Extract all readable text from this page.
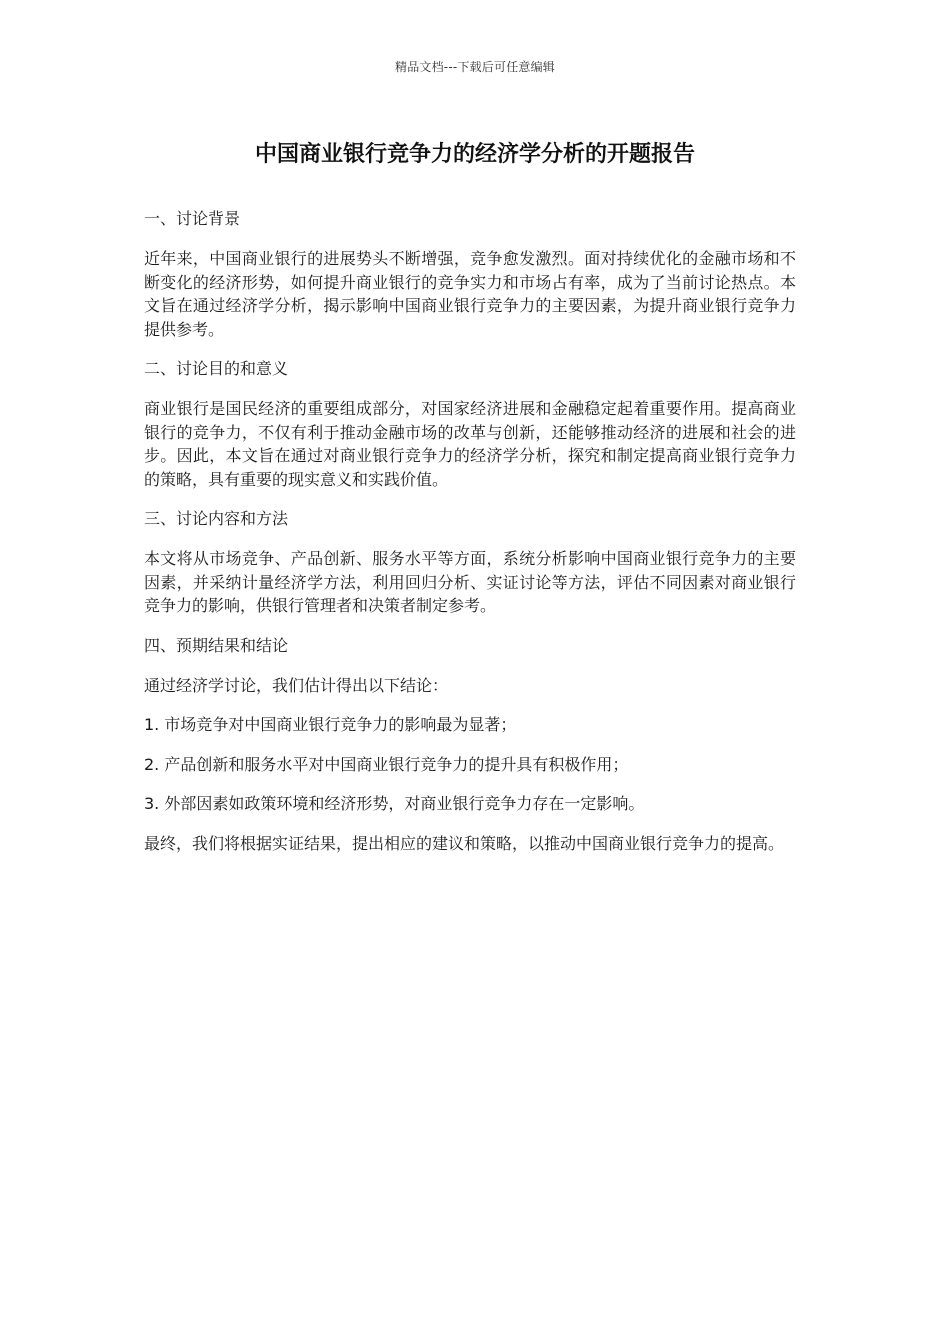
精品文档---下载后可任意编辑
中国商业银行竞争力的经济学分析的开题报告

一、讨论背景

近年来，中国商业银行的进展势头不断增强，竞争愈发激烈。面对持续优化的金融市场和不断变化的经济形势，如何提升商业银行的竞争实力和市场占有率，成为了当前讨论热点。本文旨在通过经济学分析，揭示影响中国商业银行竞争力的主要因素，为提升商业银行竞争力提供参考。

二、讨论目的和意义

商业银行是国民经济的重要组成部分，对国家经济进展和金融稳定起着重要作用。提高商业银行的竞争力，不仅有利于推动金融市场的改革与创新，还能够推动经济的进展和社会的进步。因此，本文旨在通过对商业银行竞争力的经济学分析，探究和制定提高商业银行竞争力的策略，具有重要的现实意义和实践价值。

三、讨论内容和方法

本文将从市场竞争、产品创新、服务水平等方面，系统分析影响中国商业银行竞争力的主要因素，并采纳计量经济学方法，利用回归分析、实证讨论等方法，评估不同因素对商业银行竞争力的影响，供银行管理者和决策者制定参考。

四、预期结果和结论

通过经济学讨论，我们估计得出以下结论：

1. 市场竞争对中国商业银行竞争力的影响最为显著；

2. 产品创新和服务水平对中国商业银行竞争力的提升具有积极作用；

3. 外部因素如政策环境和经济形势，对商业银行竞争力存在一定影响。

最终，我们将根据实证结果，提出相应的建议和策略，以推动中国商业银行竞争力的提高。
